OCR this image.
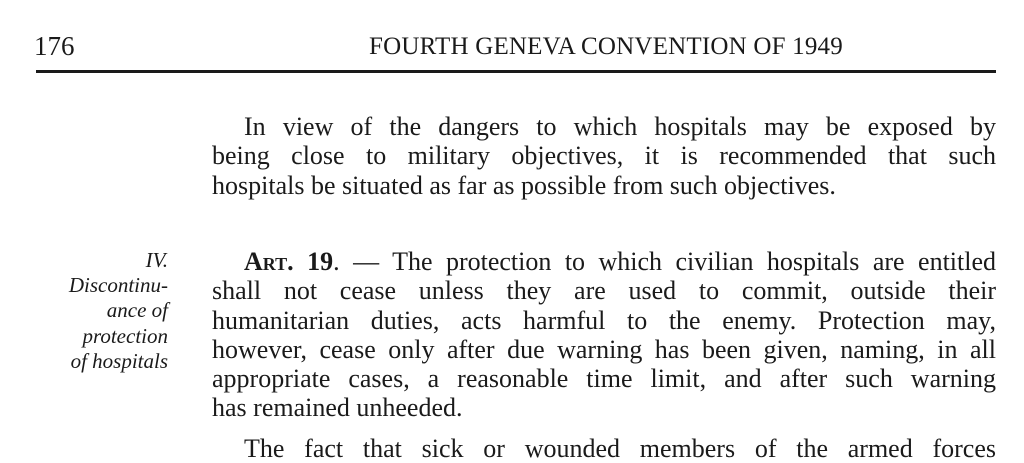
176	FOURTH GENEVA CONVENTION OF 1949
In view of the dangers to which hospitals may be exposed by
being close to military objectives, it is recommended that such
hospitals be situated as far as possible from such objectives.
IV.
Discontinu-
ance of
protection
of hospitals
Art. 19. — The protection to which civilian hospitals are entitled
shall not cease unless they are used to commit, outside their
humanitarian duties, acts harmful to the enemy. Protection may,
however, cease only after due warning has been given, naming, in all
appropriate cases, a reasonable time limit, and after such warning
has remained unheeded.
The fact that sick or wounded members of the armed forces
